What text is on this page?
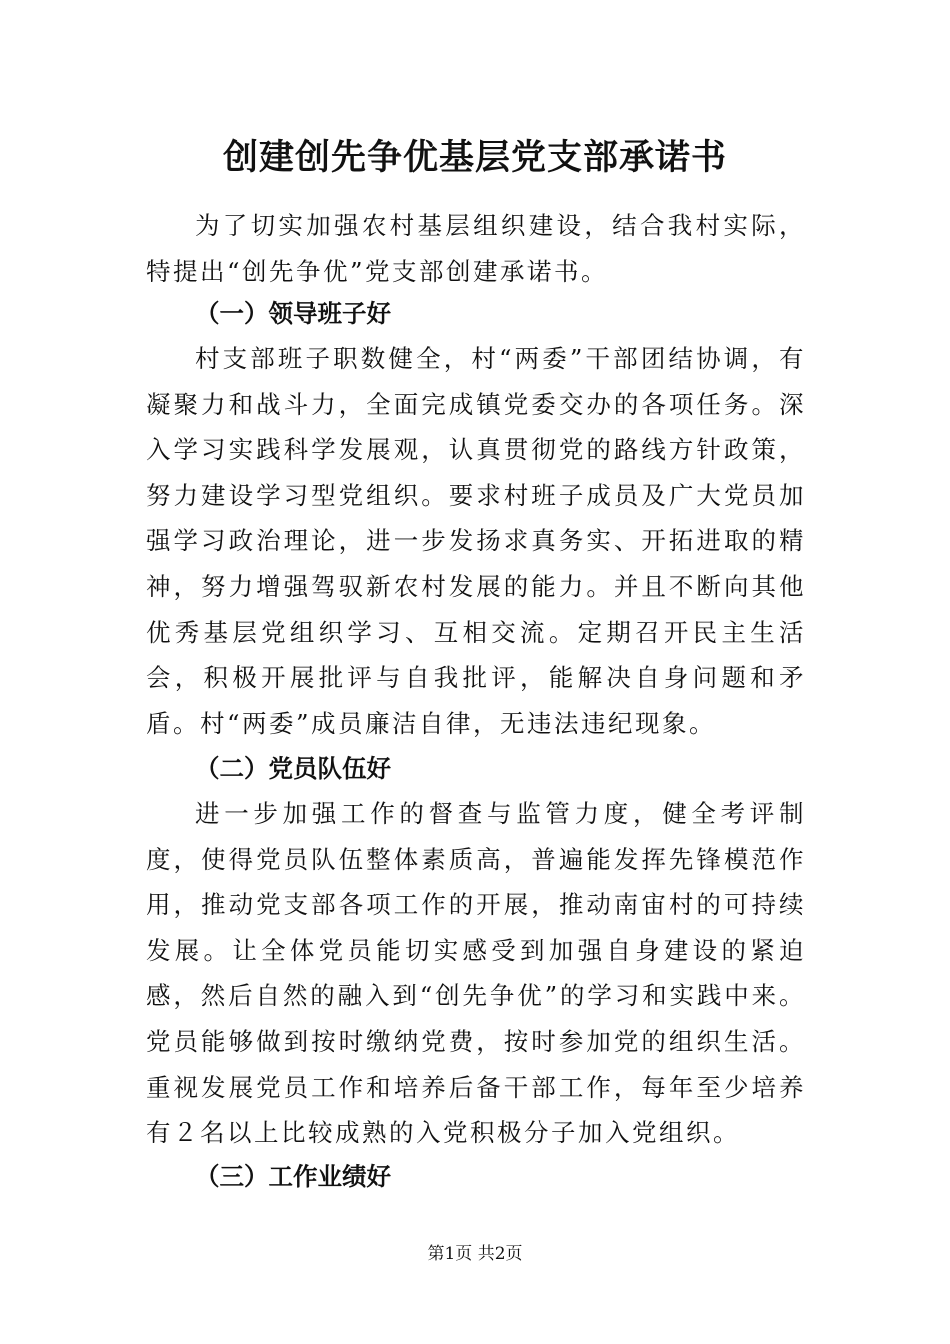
创建创先争优基层党支部承诺书

为了切实加强农村基层组织建设，结合我村实际，特提出“创先争优”党支部创建承诺书。

（一）领导班子好

村支部班子职数健全，村“两委”干部团结协调，有凝聚力和战斗力，全面完成镇党委交办的各项任务。深入学习实践科学发展观，认真贯彻党的路线方针政策，努力建设学习型党组织。要求村班子成员及广大党员加强学习政治理论，进一步发扬求真务实、开拓进取的精神，努力增强驾驭新农村发展的能力。并且不断向其他优秀基层党组织学习、互相交流。定期召开民主生活会，积极开展批评与自我批评，能解决自身问题和矛盾。村“两委”成员廉洁自律，无违法违纪现象。

（二）党员队伍好

进一步加强工作的督查与监管力度，健全考评制度，使得党员队伍整体素质高，普遍能发挥先锋模范作用，推动党支部各项工作的开展，推动南宙村的可持续发展。让全体党员能切实感受到加强自身建设的紧迫感，然后自然的融入到“创先争优”的学习和实践中来。党员能够做到按时缴纳党费，按时参加党的组织生活。重视发展党员工作和培养后备干部工作，每年至少培养有２名以上比较成熟的入党积极分子加入党组织。

（三）工作业绩好
第1页 共2页
